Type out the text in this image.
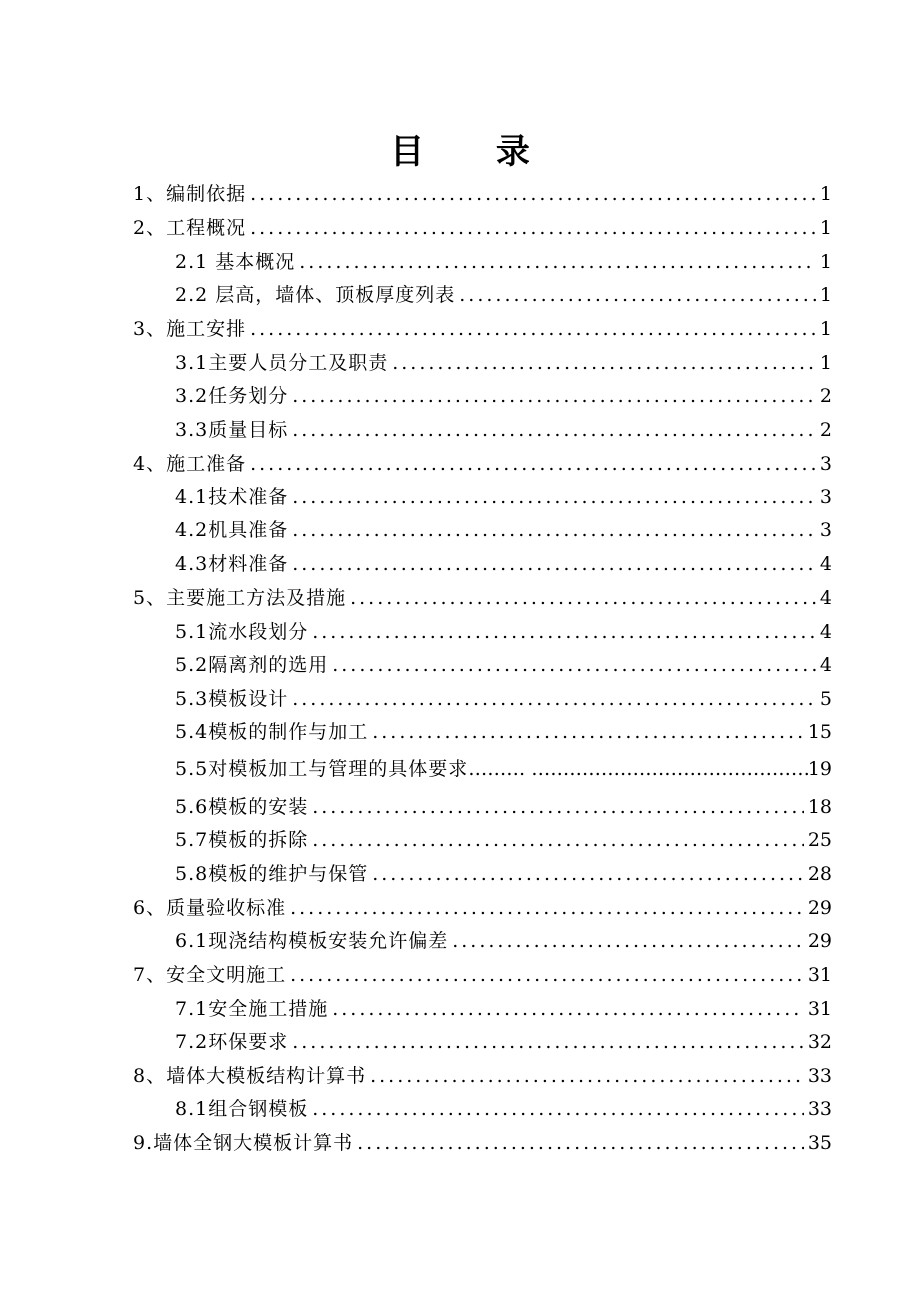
目 录
1、编制依据 .....	1
2、工程概况 .....	1
2.1 基本概况 .....	1
2.2 层高，墙体、顶板厚度列表 .....	1
3、施工安排 .....	1
3.1主要人员分工及职责 .....	1
3.2任务划分 .....	2
3.3质量目标 .....	2
4、施工准备 .....	3
4.1技术准备 .....	3
4.2机具准备 .....	3
4.3材料准备 .....	4
5、主要施工方法及措施 .....	4
5.1流水段划分 .....	4
5.2隔离剂的选用 .....	4
5.3模板设计 .....	5
5.4模板的制作与加工 .....	15
5.5对模板加工与管理的具体要求 ……… …………………………………………………………	19
5.6模板的安装 .....	18
5.7模板的拆除 .....	25
5.8模板的维护与保管 .....	28
6、质量验收标准 .....	29
6.1现浇结构模板安装允许偏差 .....	29
7、安全文明施工 .....	31
7.1安全施工措施 .....	31
7.2环保要求 .....	32
8、墙体大模板结构计算书 .....	33
8.1组合钢模板 .....	33
9.墙体全钢大模板计算书 .....	35
